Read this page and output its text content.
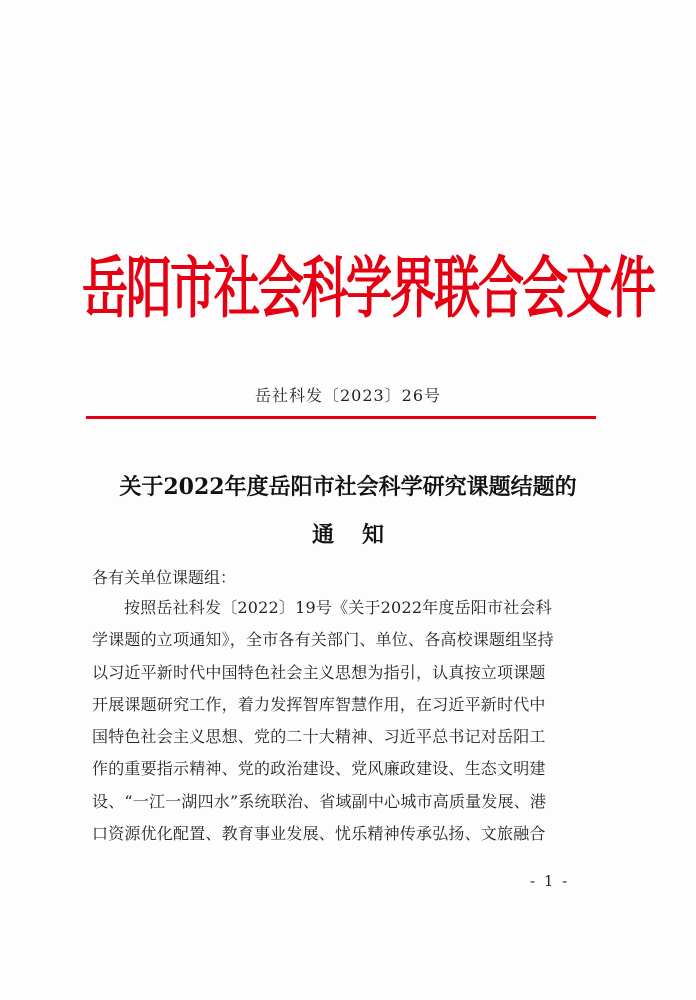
岳阳市社会科学界联合会文件
岳社科发〔2023〕26号
关于2022年度岳阳市社会科学研究课题结题的
通知
各有关单位课题组：
按照岳社科发〔2022〕19号《关于2022年度岳阳市社会科
学课题的立项通知》，全市各有关部门、单位、各高校课题组坚持
以习近平新时代中国特色社会主义思想为指引，认真按立项课题
开展课题研究工作，着力发挥智库智慧作用，在习近平新时代中
国特色社会主义思想、党的二十大精神、习近平总书记对岳阳工
作的重要指示精神、党的政治建设、党风廉政建设、生态文明建
设、“一江一湖四水”系统联治、省域副中心城市高质量发展、港
口资源优化配置、教育事业发展、忧乐精神传承弘扬、文旅融合
- 1 -
